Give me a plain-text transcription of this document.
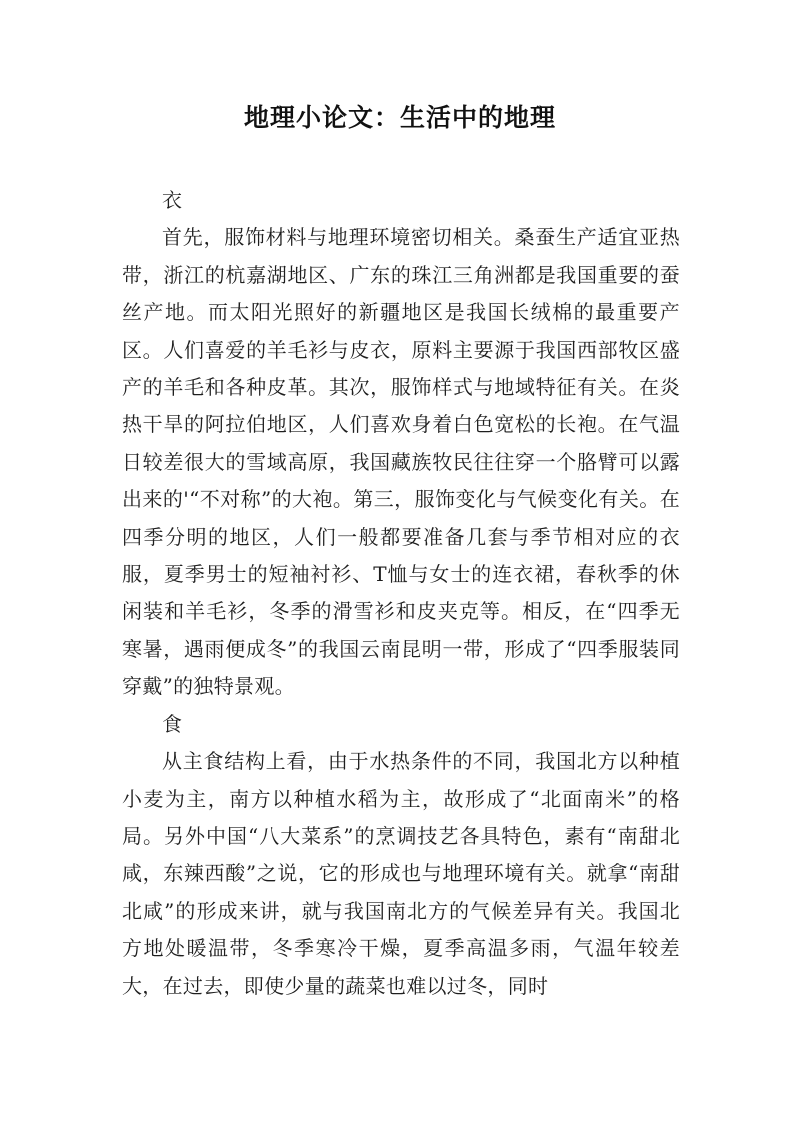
地理小论文：生活中的地理

衣

首先，服饰材料与地理环境密切相关。桑蚕生产适宜亚热带，浙江的杭嘉湖地区、广东的珠江三角洲都是我国重要的蚕丝产地。而太阳光照好的新疆地区是我国长绒棉的最重要产区。人们喜爱的羊毛衫与皮衣，原料主要源于我国西部牧区盛产的羊毛和各种皮革。其次，服饰样式与地域特征有关。在炎热干旱的阿拉伯地区，人们喜欢身着白色宽松的长袍。在气温日较差很大的雪域高原，我国藏族牧民往往穿一个胳臂可以露出来的'“不对称”的大袍。第三，服饰变化与气候变化有关。在四季分明的地区，人们一般都要准备几套与季节相对应的衣服，夏季男士的短袖衬衫、T恤与女士的连衣裙，春秋季的休闲装和羊毛衫，冬季的滑雪衫和皮夹克等。相反，在“四季无寒暑，遇雨便成冬”的我国云南昆明一带，形成了“四季服装同穿戴”的独特景观。

食

从主食结构上看，由于水热条件的不同，我国北方以种植小麦为主，南方以种植水稻为主，故形成了“北面南米”的格局。另外中国“八大菜系”的烹调技艺各具特色，素有“南甜北咸，东辣西酸”之说，它的形成也与地理环境有关。就拿“南甜北咸”的形成来讲，就与我国南北方的气候差异有关。我国北方地处暖温带，冬季寒冷干燥，夏季高温多雨，气温年较差大，在过去，即使少量的蔬菜也难以过冬，同时
